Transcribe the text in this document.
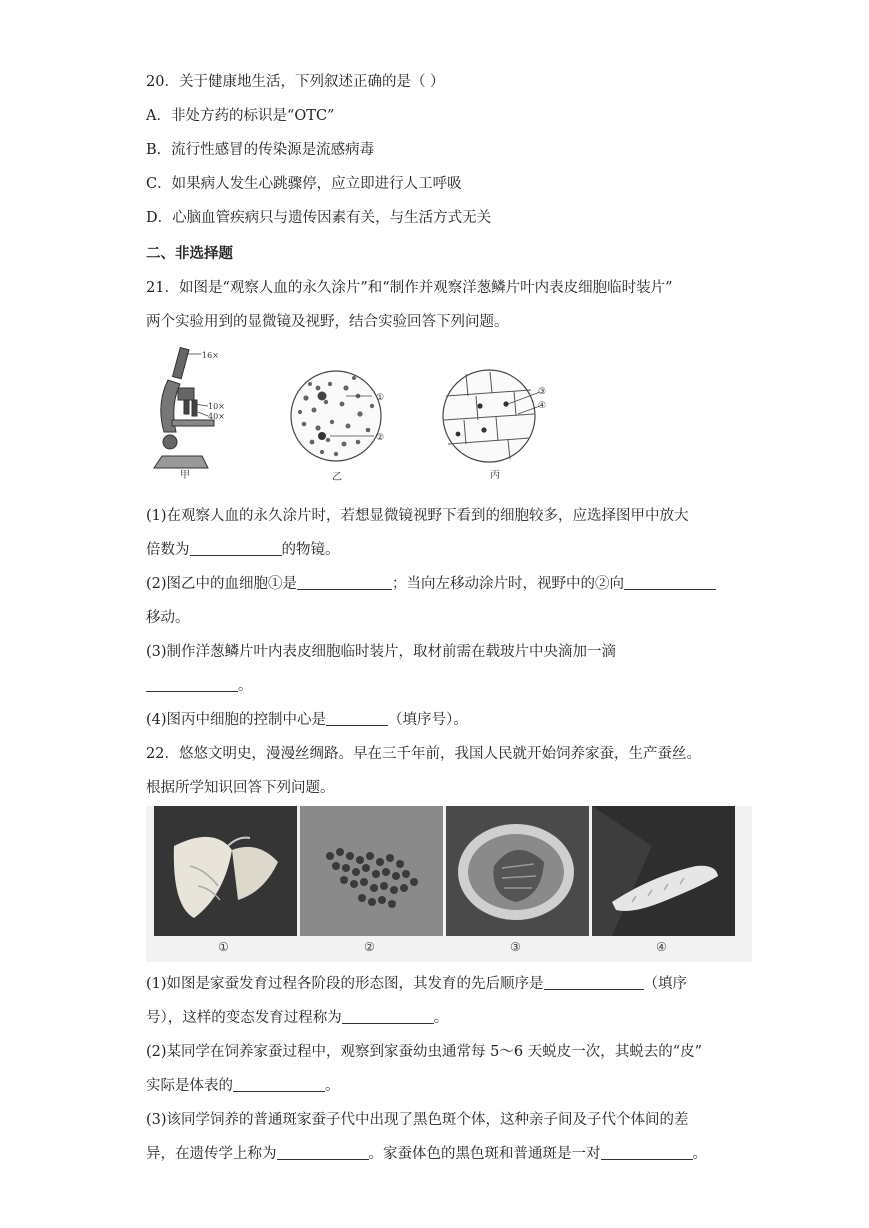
20．关于健康地生活，下列叙述正确的是（ ）
A．非处方药的标识是“OTC”
B．流行性感冒的传染源是流感病毒
C．如果病人发生心跳骤停，应立即进行人工呼吸
D．心脑血管疾病只与遗传因素有关，与生活方式无关
二、非选择题
21．如图是“观察人血的永久涂片”和“制作并观察洋葱鳞片叶内表皮细胞临时装片”
两个实验用到的显微镜及视野，结合实验回答下列问题。
16×
10×
40×
甲
①
②
乙
③
④
丙
(1)在观察人血的永久涂片时，若想显微镜视野下看到的细胞较多，应选择图甲中放大
倍数为	的物镜。
(2)图乙中的血细胞①是	；当向左移动涂片时，视野中的②向
移动。
(3)制作洋葱鳞片叶内表皮细胞临时装片，取材前需在载玻片中央滴加一滴
。
(4)图丙中细胞的控制中心是	（填序号）。
22．悠悠文明史，漫漫丝绸路。早在三千年前，我国人民就开始饲养家蚕，生产蚕丝。
根据所学知识回答下列问题。
①	②	③	④
(1)如图是家蚕发育过程各阶段的形态图，其发育的先后顺序是	（填序
号），这样的变态发育过程称为	。
(2)某同学在饲养家蚕过程中，观察到家蚕幼虫通常每 5～6 天蜕皮一次，其蜕去的“皮”
实际是体表的	。
(3)该同学饲养的普通斑家蚕子代中出现了黑色斑个体，这种亲子间及子代个体间的差
异，在遗传学上称为	。家蚕体色的黑色斑和普通斑是一对	。
